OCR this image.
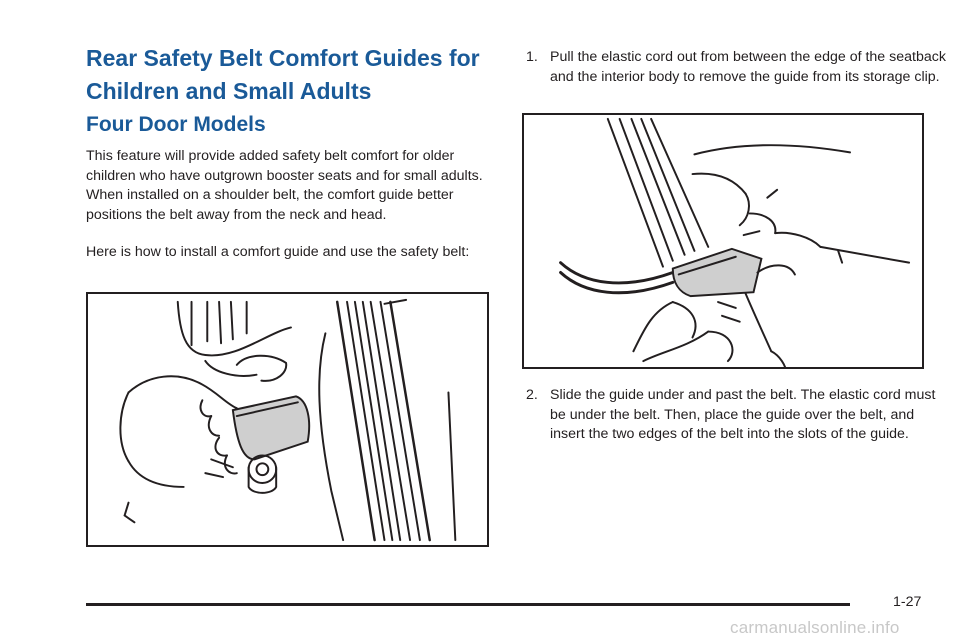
Rear Safety Belt Comfort Guides for Children and Small Adults
Four Door Models

This feature will provide added safety belt comfort for older children who have outgrown booster seats and for small adults. When installed on a shoulder belt, the comfort guide better positions the belt away from the neck and head.

Here is how to install a comfort guide and use the safety belt:

1. Pull the elastic cord out from between the edge of the seatback and the interior body to remove the guide from its storage clip.

2. Slide the guide under and past the belt. The elastic cord must be under the belt. Then, place the guide over the belt, and insert the two edges of the belt into the slots of the guide.

1-27
carmanualsonline.info
